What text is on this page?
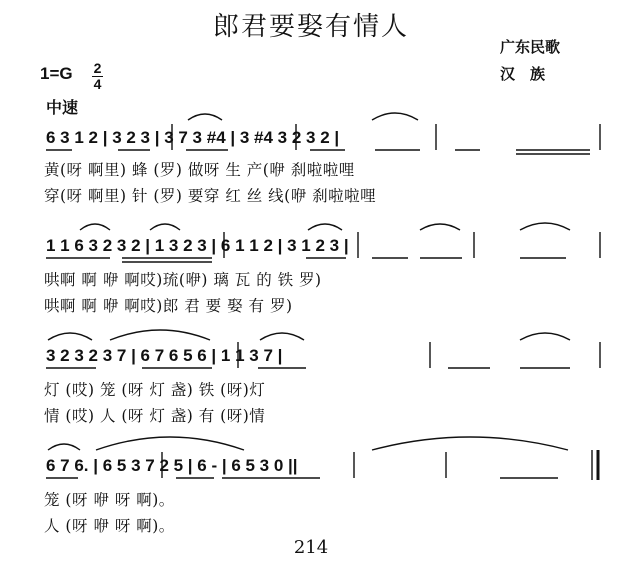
郎君要娶有情人
广东民歌
汉　族
1=G 2
4
中速
6 3 1 2 | 3 2 3 | 3 7 3 #4 | 3 #4 3 2 3 2 |
黄(呀 啊里) 蜂 (罗) 做呀 生 产(咿 刹啦啦哩
穿(呀 啊里) 针 (罗) 要穿 红 丝 线(咿 刹啦啦哩
1 1 6 3 2 3 2 | 1 3 2 3 | 6 1 1 2 | 3 1 2 3 |
哄啊 啊 咿 啊哎)琉(咿) 璃 瓦 的 铁 罗)
哄啊 啊 咿 啊哎)郎 君 要 娶 有 罗)
3 2 3 2 3 7 | 6 7 6 5 6 | 1 1 3 7 |
灯 (哎) 笼 (呀 灯 盏) 铁 (呀)灯
情 (哎) 人 (呀 灯 盏) 有 (呀)情
6 7 6. | 6 5 3 7 2 5 | 6 - | 6 5 3 0 ||
笼 (呀 咿 呀 啊)。
人 (呀 咿 呀 啊)。
214
